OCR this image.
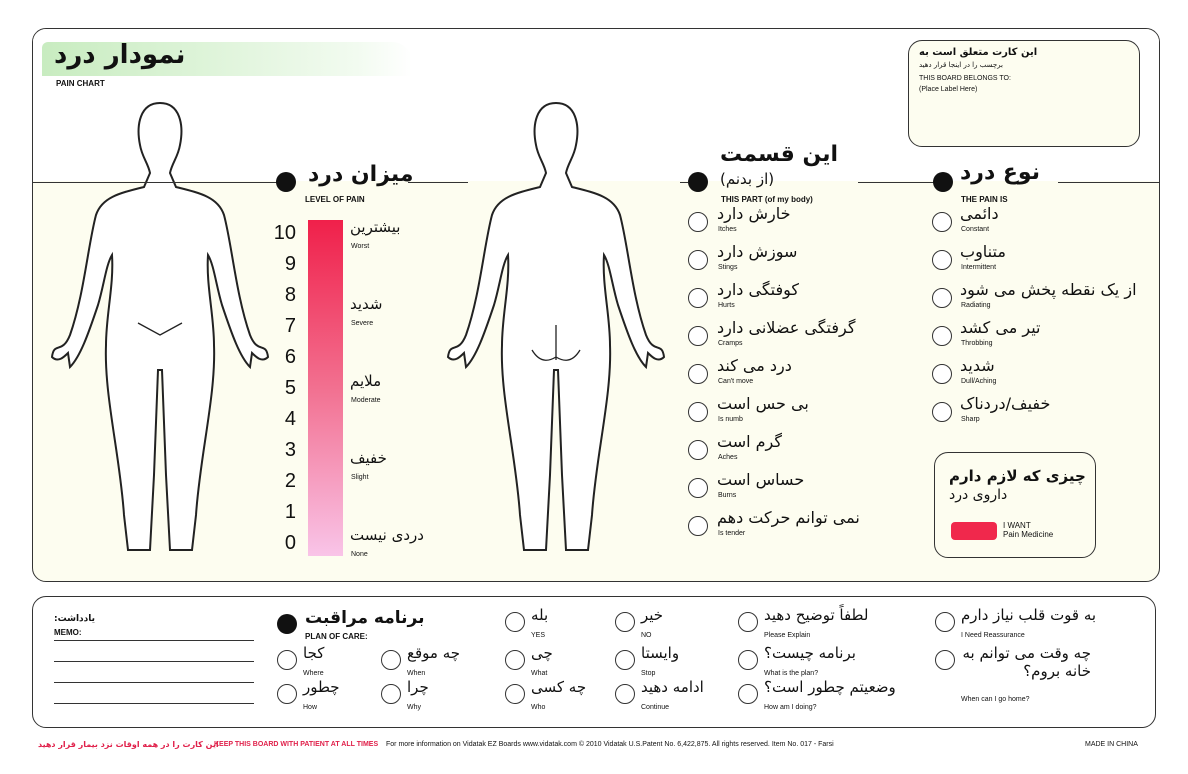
نمودار درد
PAIN CHART
این کارت متعلق است به
برچسب را در اینجا قرار دهید
THIS BOARD BELONGS TO:
(Place Label Here)
میزان درد
LEVEL OF PAIN
این قسمت
(از بدنم)
THIS PART (of my body)
نوع درد
THE PAIN IS
چیزی که لازم دارم
داروی درد
I WANT
Pain Medicine
یادداشت:
MEMO:
برنامه مراقبت
PLAN OF CARE:
این کارت را در همه اوقات نزد بیمار قرار دهید
KEEP THIS BOARD WITH PATIENT AT ALL TIMES For more information on Vidatak EZ Boards www.vidatak.com © 2010 Vidatak U.S.Patent No. 6,422,875. All rights reserved. Item No. 017 - Farsi	MADE IN CHINA
10
9
8
7
6
5
4
3
2
1
0
بیشترین
Worst
شدید
Severe
ملایم
Moderate
خفیف
Slight
دردی نیست
None
خارش دارد
Itches
سوزش دارد
Stings
کوفتگی دارد
Hurts
گرفتگی عضلانی دارد
Cramps
درد می کند
Can't move
بی حس است
Is numb
گرم است
Aches
حساس است
Burns
نمی توانم حرکت دهم
Is tender
دائمی
Constant
متناوب
Intermittent
از یک نقطه پخش می شود
Radiating
تیر می کشد
Throbbing
شدید
Dull/Aching
خفیف/دردناک
Sharp
بله
YES
خیر
NO
لطفاً توضیح دهید
Please Explain
به قوت قلب نیاز دارم
I Need Reassurance
کجا
Where
چه موقع
When
چی
What
وایستا
Stop
برنامه چیست؟
What is the plan?
چه وقت می توانم به خانه بروم؟
When can I go home?
چطور
How
چرا
Why
چه کسی
Who
ادامه دهید
Continue
وضعیتم چطور است؟
How am I doing?
